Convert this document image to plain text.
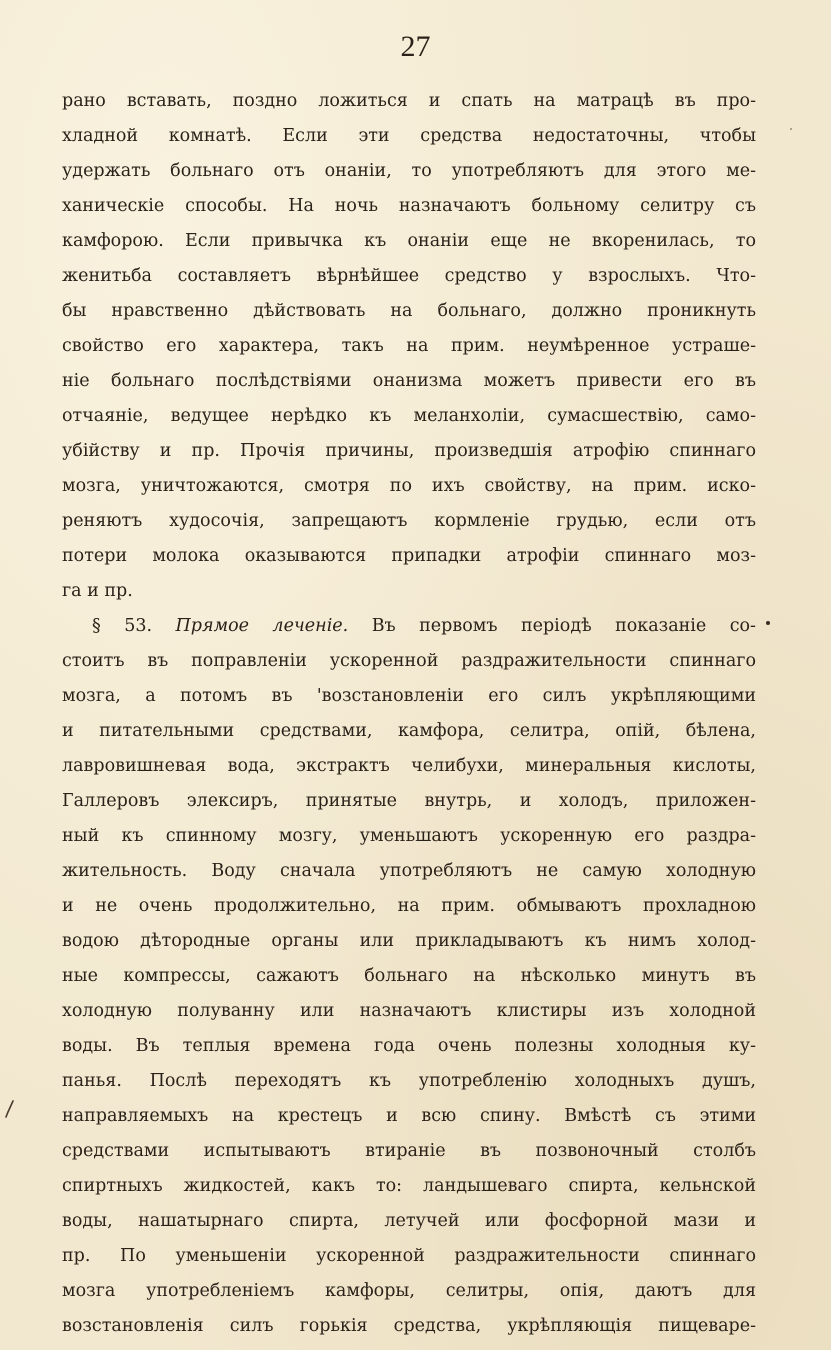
27
рано вставать, поздно ложиться и спать на матрацѣ въ про-
хладной комнатѣ. Если эти средства недостаточны, чтобы
удержать больнаго отъ онаніи, то употребляютъ для этого ме-
ханическіе способы. На ночь назначаютъ больному селитру съ
камфорою. Если привычка къ онаніи еще не вкоренилась, то
женитьба составляетъ вѣрнѣйшее средство у взрослыхъ. Что-
бы нравственно дѣйствовать на больнаго, должно проникнуть
свойство его характера, такъ на прим. неумѣренное устраше-
ніе больнаго послѣдствіями онанизма можетъ привести его въ
отчаяніе, ведущее нерѣдко къ меланхоліи, сумасшествію, само-
убійству и пр. Прочія причины, произведшія атрофію спиннаго
мозга, уничтожаются, смотря по ихъ свойству, на прим. иско-
реняютъ худосочія, запрещаютъ кормленіе грудью, если отъ
потери молока оказываются припадки атрофіи спиннаго моз-
га и пр.
§ 53. Прямое леченіе. Въ первомъ періодѣ показаніе со-
стоитъ въ поправленіи ускоренной раздражительности спиннаго
мозга, а потомъ въ 'возстановленіи его силъ укрѣпляющими
и питательными средствами, камфора, селитра, опій, бѣлена,
лавровишневая вода, экстрактъ челибухи, минеральныя кислоты,
Галлеровъ элексиръ, принятые внутрь, и холодъ, приложен-
ный къ спинному мозгу, уменьшаютъ ускоренную его раздра-
жительность. Воду сначала употребляютъ не самую холодную
и не очень продолжительно, на прим. обмываютъ прохладною
водою дѣтородные органы или прикладываютъ къ нимъ холод-
ные компрессы, сажаютъ больнаго на нѣсколько минутъ въ
холодную полуванну или назначаютъ клистиры изъ холодной
воды. Въ теплыя времена года очень полезны холодныя ку-
панья. Послѣ переходятъ къ употребленію холодныхъ душъ,
направляемыхъ на крестецъ и всю спину. Вмѣстѣ съ этими
средствами испытываютъ втираніе въ позвоночный столбъ
спиртныхъ жидкостей, какъ то: ландышеваго спирта, кельнской
воды, нашатырнаго спирта, летучей или фосфорной мази и
пр. По уменьшеніи ускоренной раздражительности спиннаго
мозга употребленіемъ камфоры, селитры, опія, даютъ для
возстановленія силъ горькія средства, укрѣпляющія пищеваре-
